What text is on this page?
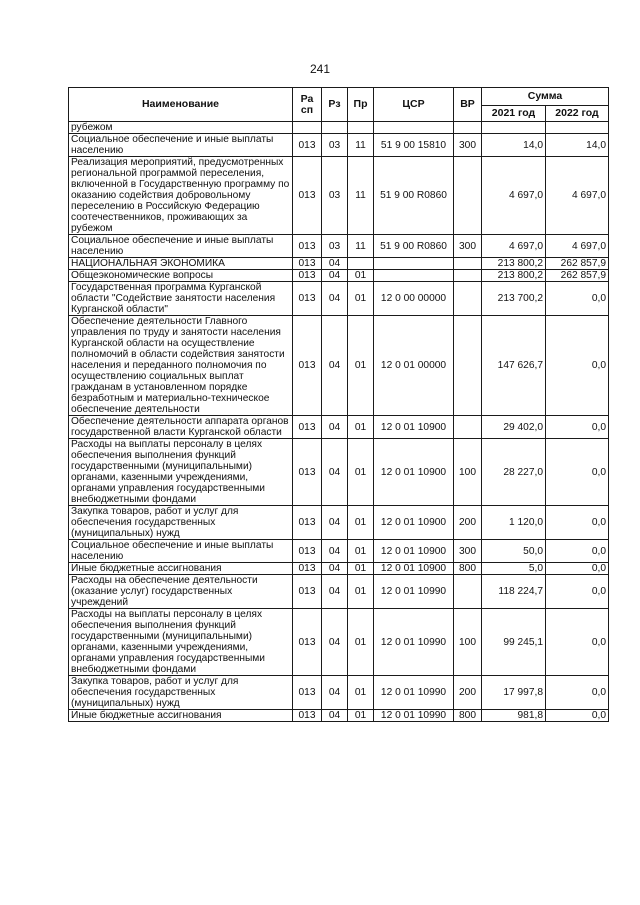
241
Наименование	Ра сп	Рз	Пр	ЦСР	ВР	Сумма	
						2021 год	2022 год
рубежом							
Социальное обеспечение и иные выплаты населению	013	03	11	51 9 00 15810	300	14,0	14,0
Реализация мероприятий, предусмотренных региональной программой переселения, включенной в Государственную программу по оказанию содействия добровольному переселению в Российскую Федерацию соотечественников, проживающих за рубежом	013	03	11	51 9 00 R0860		4 697,0	4 697,0
Социальное обеспечение и иные выплаты населению	013	03	11	51 9 00 R0860	300	4 697,0	4 697,0
НАЦИОНАЛЬНАЯ ЭКОНОМИКА	013	04				213 800,2	262 857,9
Общеэкономические вопросы	013	04	01			213 800,2	262 857,9
Государственная программа Курганской области "Содействие занятости населения Курганской области"	013	04	01	12 0 00 00000		213 700,2	0,0
Обеспечение деятельности Главного управления по труду и занятости населения Курганской области на осуществление полномочий в области содействия занятости населения и переданного полномочия по осуществлению социальных выплат гражданам в установленном порядке безработным и материально-техническое обеспечение деятельности	013	04	01	12 0 01 00000		147 626,7	0,0
Обеспечение деятельности аппарата органов государственной власти Курганской области	013	04	01	12 0 01 10900		29 402,0	0,0
Расходы на выплаты персоналу в целях обеспечения выполнения функций государственными (муниципальными) органами, казенными учреждениями, органами управления государственными внебюджетными фондами	013	04	01	12 0 01 10900	100	28 227,0	0,0
Закупка товаров, работ и услуг для обеспечения государственных (муниципальных) нужд	013	04	01	12 0 01 10900	200	1 120,0	0,0
Социальное обеспечение и иные выплаты населению	013	04	01	12 0 01 10900	300	50,0	0,0
Иные бюджетные ассигнования	013	04	01	12 0 01 10900	800	5,0	0,0
Расходы на обеспечение деятельности (оказание услуг) государственных учреждений	013	04	01	12 0 01 10990		118 224,7	0,0
Расходы на выплаты персоналу в целях обеспечения выполнения функций государственными (муниципальными) органами, казенными учреждениями, органами управления государственными внебюджетными фондами	013	04	01	12 0 01 10990	100	99 245,1	0,0
Закупка товаров, работ и услуг для обеспечения государственных (муниципальных) нужд	013	04	01	12 0 01 10990	200	17 997,8	0,0
Иные бюджетные ассигнования	013	04	01	12 0 01 10990	800	981,8	0,0
